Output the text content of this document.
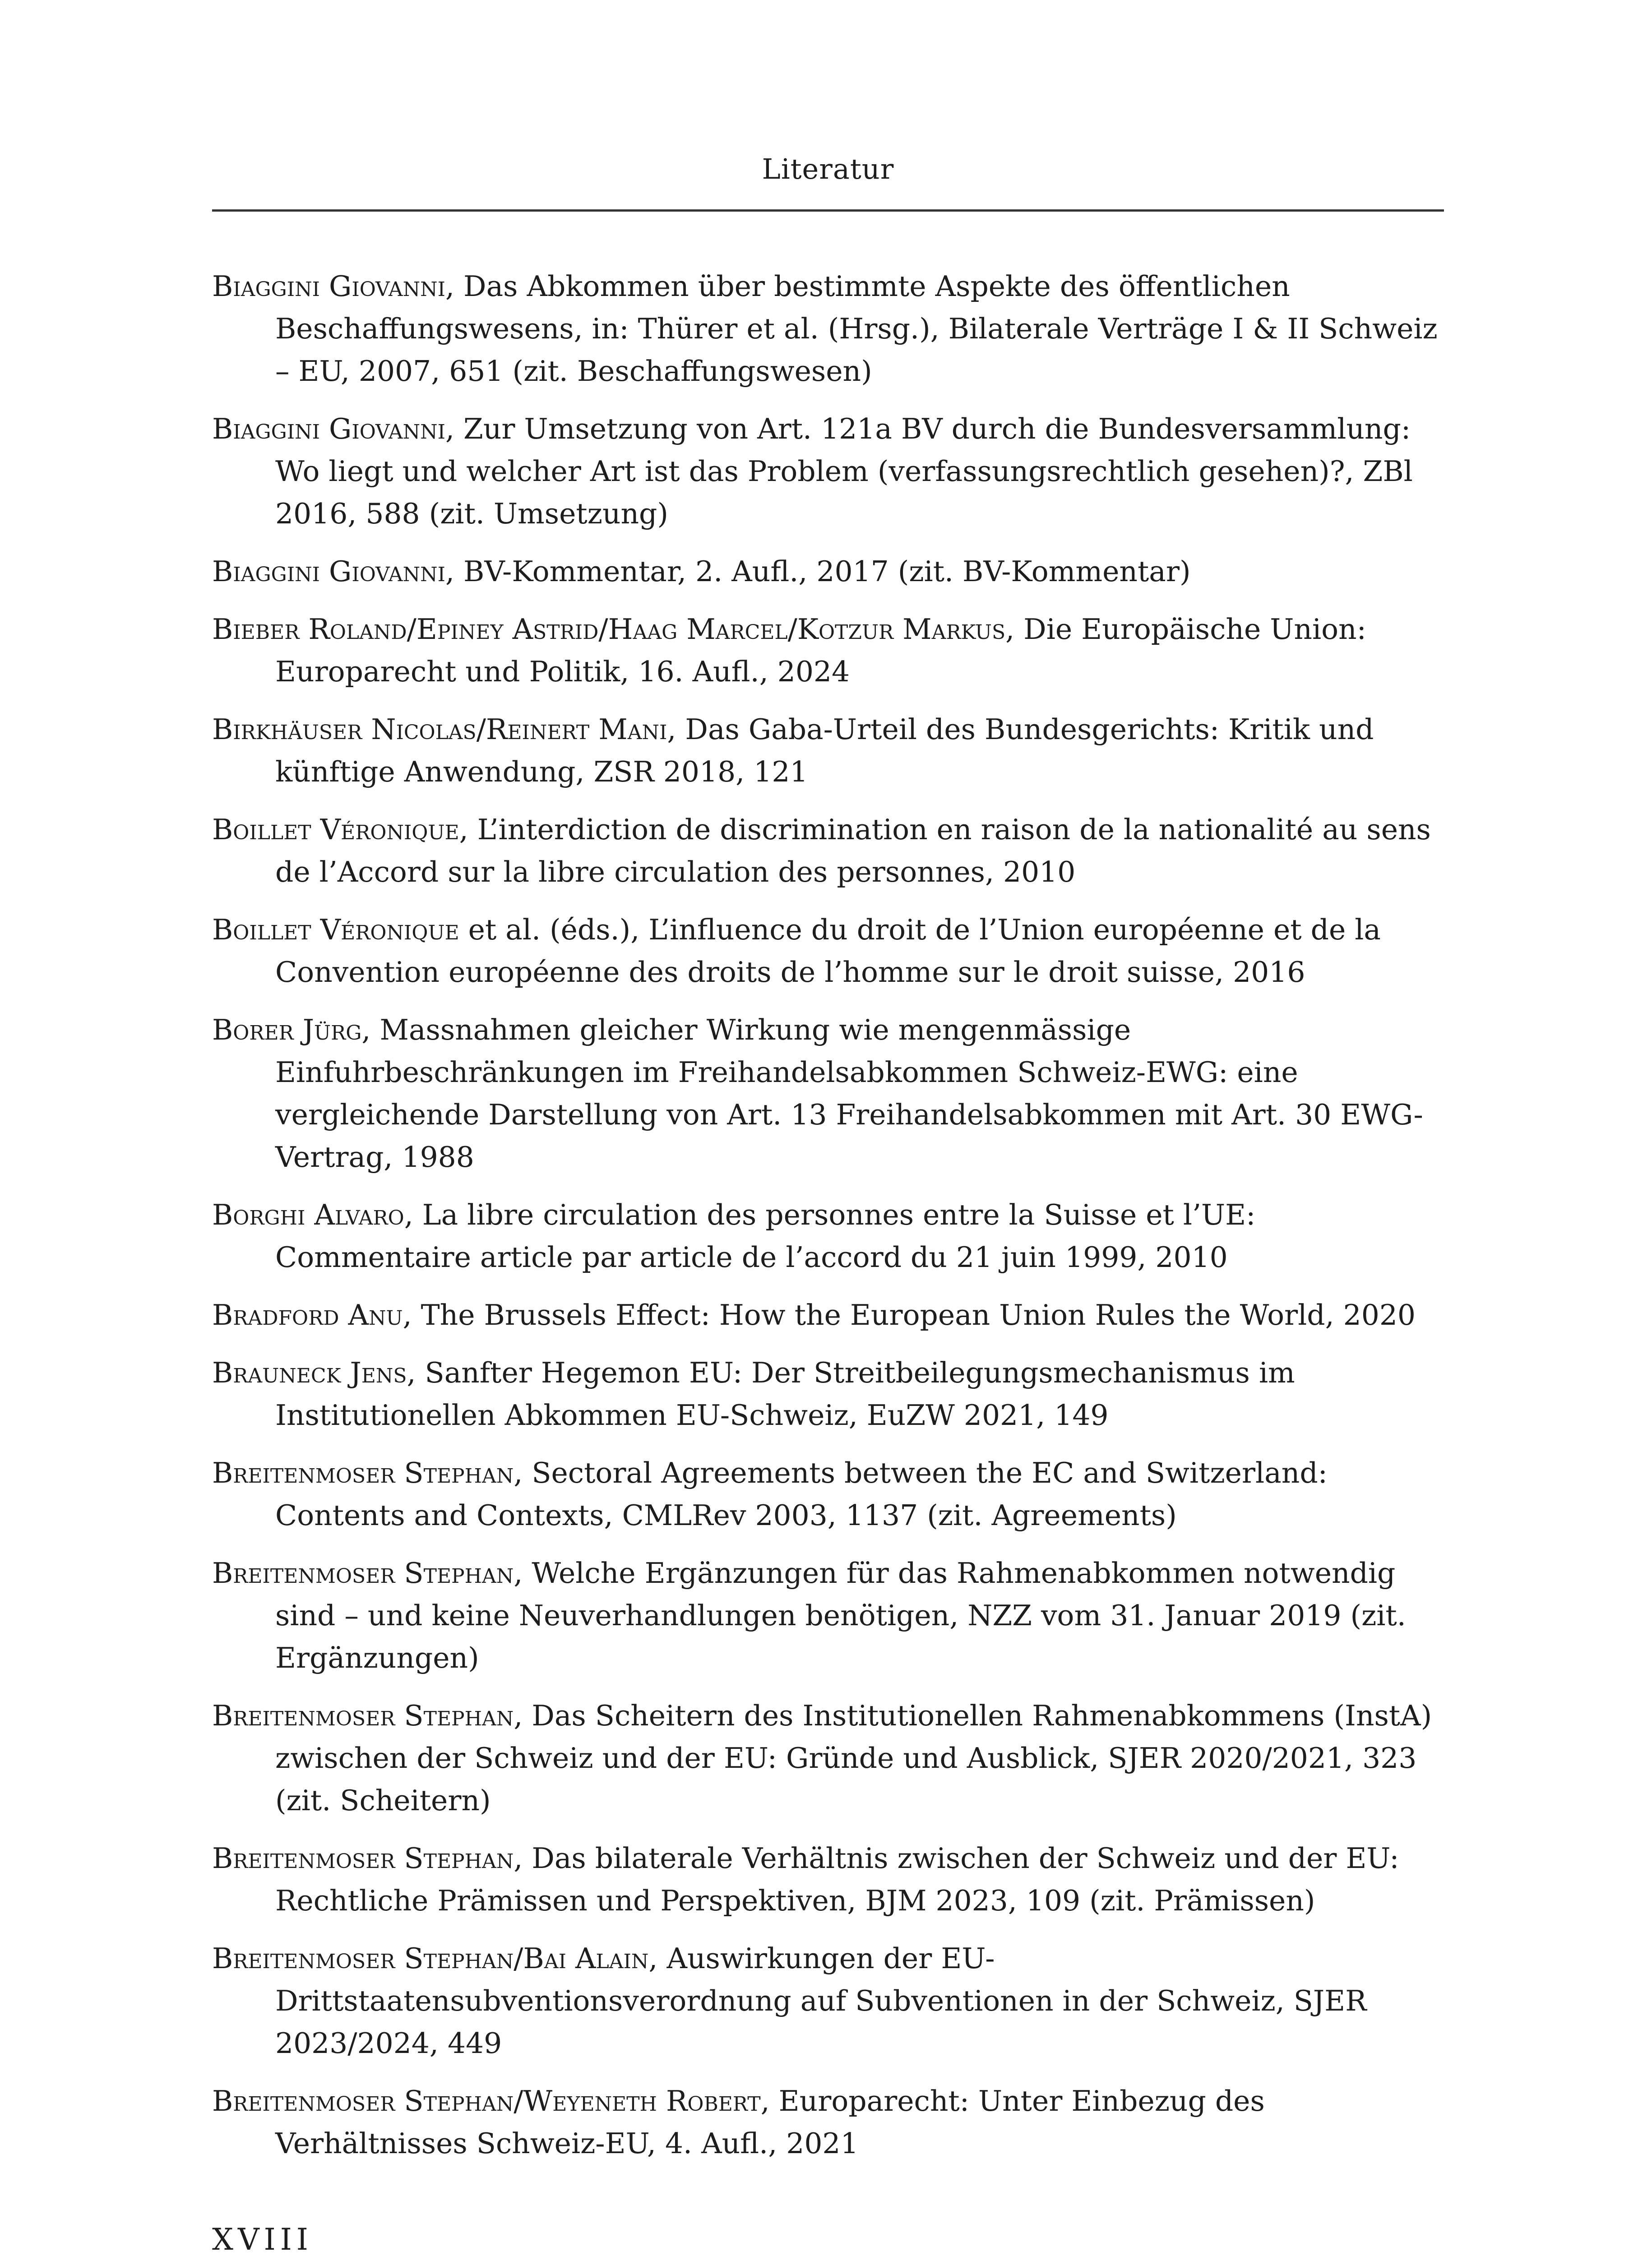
Literatur

Biaggini Giovanni, Das Abkommen über bestimmte Aspekte des öffentlichen Beschaffungswesens, in: Thürer et al. (Hrsg.), Bilaterale Verträge I & II Schweiz – EU, 2007, 651 (zit. Beschaffungswesen)

Biaggini Giovanni, Zur Umsetzung von Art. 121a BV durch die Bundesversammlung: Wo liegt und welcher Art ist das Problem (verfassungsrechtlich gesehen)?, ZBl 2016, 588 (zit. Umsetzung)

Biaggini Giovanni, BV-Kommentar, 2. Aufl., 2017 (zit. BV-Kommentar)

Bieber Roland/Epiney Astrid/Haag Marcel/Kotzur Markus, Die Europäische Union: Europarecht und Politik, 16. Aufl., 2024

Birkhäuser Nicolas/Reinert Mani, Das Gaba-Urteil des Bundesgerichts: Kritik und künftige Anwendung, ZSR 2018, 121

Boillet Véronique, L’interdiction de discrimination en raison de la nationalité au sens de l’Accord sur la libre circulation des personnes, 2010

Boillet Véronique et al. (éds.), L’influence du droit de l’Union européenne et de la Convention européenne des droits de l’homme sur le droit suisse, 2016

Borer Jürg, Massnahmen gleicher Wirkung wie mengenmässige Einfuhrbeschränkungen im Freihandelsabkommen Schweiz-EWG: eine vergleichende Darstellung von Art. 13 Freihandelsabkommen mit Art. 30 EWG-Vertrag, 1988

Borghi Alvaro, La libre circulation des personnes entre la Suisse et l’UE: Commentaire article par article de l’accord du 21 juin 1999, 2010

Bradford Anu, The Brussels Effect: How the European Union Rules the World, 2020

Brauneck Jens, Sanfter Hegemon EU: Der Streitbeilegungsmechanismus im Institutionellen Abkommen EU-Schweiz, EuZW 2021, 149

Breitenmoser Stephan, Sectoral Agreements between the EC and Switzerland: Contents and Contexts, CMLRev 2003, 1137 (zit. Agreements)

Breitenmoser Stephan, Welche Ergänzungen für das Rahmenabkommen notwendig sind – und keine Neuverhandlungen benötigen, NZZ vom 31. Januar 2019 (zit. Ergänzungen)

Breitenmoser Stephan, Das Scheitern des Institutionellen Rahmenabkommens (InstA) zwischen der Schweiz und der EU: Gründe und Ausblick, SJER 2020/2021, 323 (zit. Scheitern)

Breitenmoser Stephan, Das bilaterale Verhältnis zwischen der Schweiz und der EU: Rechtliche Prämissen und Perspektiven, BJM 2023, 109 (zit. Prämissen)

Breitenmoser Stephan/Bai Alain, Auswirkungen der EU-Drittstaatensubventionsverordnung auf Subventionen in der Schweiz, SJER 2023/2024, 449

Breitenmoser Stephan/Weyeneth Robert, Europarecht: Unter Einbezug des Verhältnisses Schweiz-EU, 4. Aufl., 2021

XVIII
